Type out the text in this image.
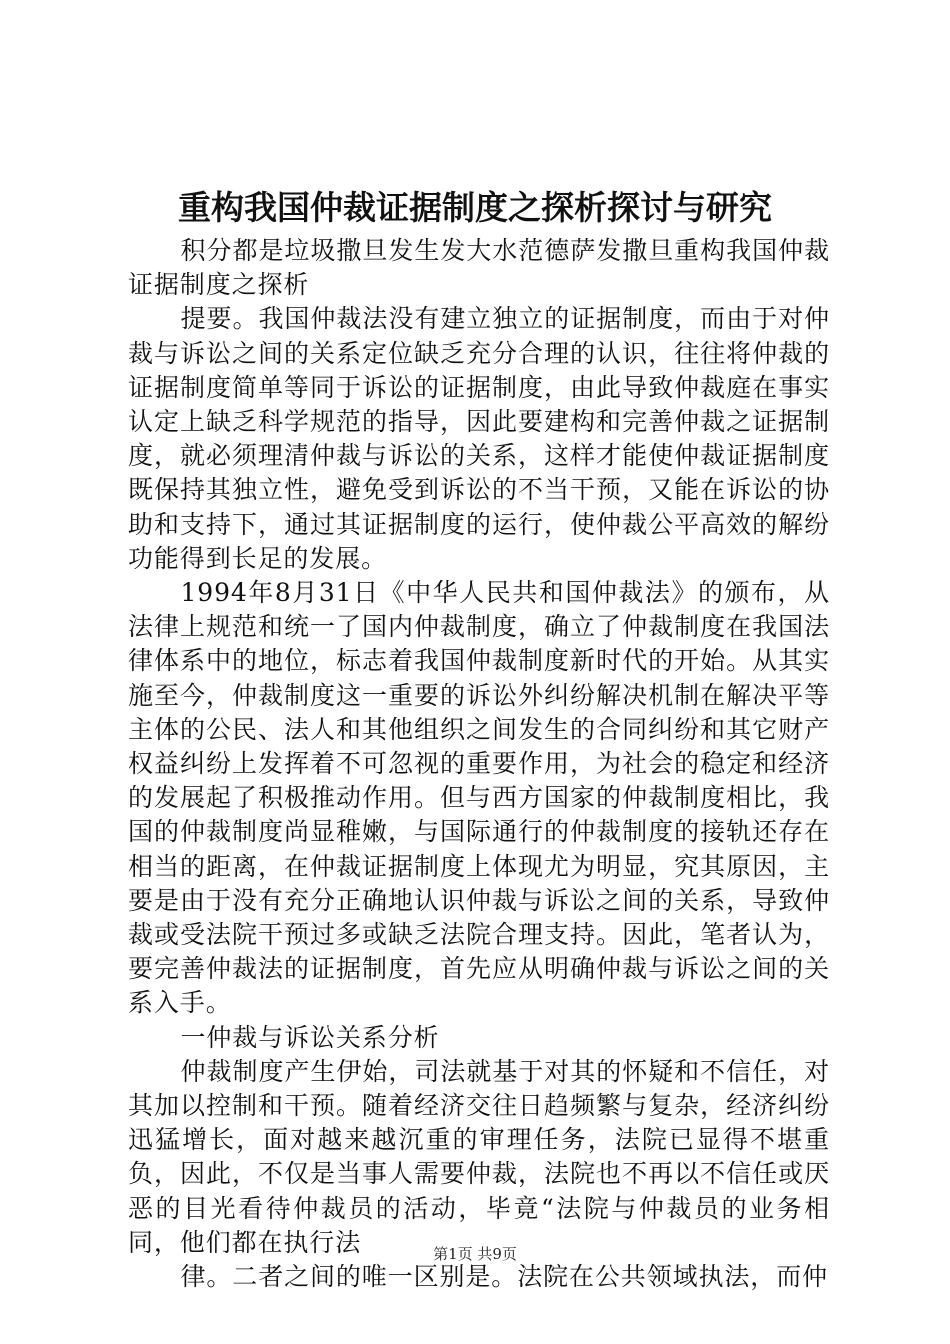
重构我国仲裁证据制度之探析探讨与研究

积分都是垃圾撒旦发生发大水范德萨发撒旦重构我国仲裁证据制度之探析

提要。我国仲裁法没有建立独立的证据制度，而由于对仲裁与诉讼之间的关系定位缺乏充分合理的认识，往往将仲裁的证据制度简单等同于诉讼的证据制度，由此导致仲裁庭在事实认定上缺乏科学规范的指导，因此要建构和完善仲裁之证据制度，就必须理清仲裁与诉讼的关系，这样才能使仲裁证据制度既保持其独立性，避免受到诉讼的不当干预，又能在诉讼的协助和支持下，通过其证据制度的运行，使仲裁公平高效的解纷功能得到长足的发展。

1994年8月31日《中华人民共和国仲裁法》的颁布，从法律上规范和统一了国内仲裁制度，确立了仲裁制度在我国法律体系中的地位，标志着我国仲裁制度新时代的开始。从其实施至今，仲裁制度这一重要的诉讼外纠纷解决机制在解决平等主体的公民、法人和其他组织之间发生的合同纠纷和其它财产权益纠纷上发挥着不可忽视的重要作用，为社会的稳定和经济的发展起了积极推动作用。但与西方国家的仲裁制度相比，我国的仲裁制度尚显稚嫩，与国际通行的仲裁制度的接轨还存在相当的距离，在仲裁证据制度上体现尤为明显，究其原因，主要是由于没有充分正确地认识仲裁与诉讼之间的关系，导致仲裁或受法院干预过多或缺乏法院合理支持。因此，笔者认为，要完善仲裁法的证据制度，首先应从明确仲裁与诉讼之间的关系入手。

一仲裁与诉讼关系分析

仲裁制度产生伊始，司法就基于对其的怀疑和不信任，对其加以控制和干预。随着经济交往日趋频繁与复杂，经济纠纷迅猛增长，面对越来越沉重的审理任务，法院已显得不堪重负，因此，不仅是当事人需要仲裁，法院也不再以不信任或厌恶的目光看待仲裁员的活动，毕竟“法院与仲裁员的业务相同，他们都在执行法

律。二者之间的唯一区别是。法院在公共领域执法，而仲

第1页 共9页
